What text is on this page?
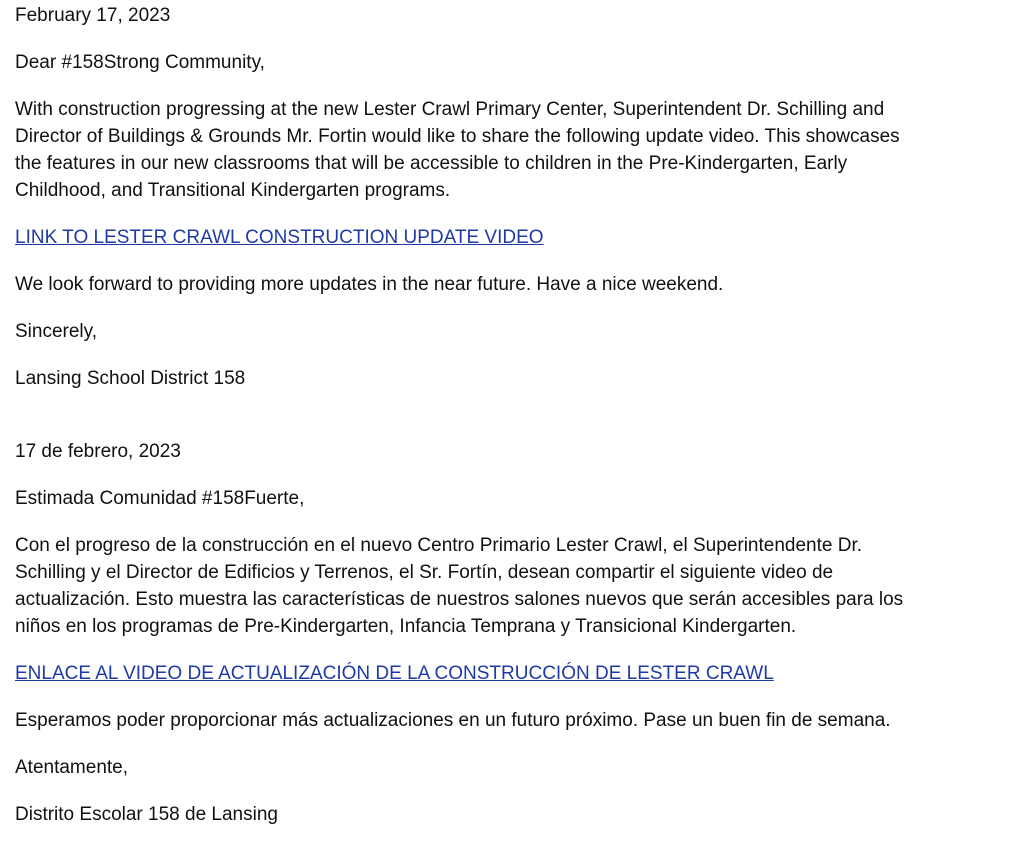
February 17, 2023
Dear #158Strong Community,
With construction progressing at the new Lester Crawl Primary Center, Superintendent Dr. Schilling and
Director of Buildings & Grounds Mr. Fortin would like to share the following update video. This showcases
the features in our new classrooms that will be accessible to children in the Pre-Kindergarten, Early
Childhood, and Transitional Kindergarten programs.
LINK TO LESTER CRAWL CONSTRUCTION UPDATE VIDEO
We look forward to providing more updates in the near future. Have a nice weekend.
Sincerely,
Lansing School District 158
17 de febrero, 2023
Estimada Comunidad #158Fuerte,
Con el progreso de la construcción en el nuevo Centro Primario Lester Crawl, el Superintendente Dr.
Schilling y el Director de Edificios y Terrenos, el Sr. Fortín, desean compartir el siguiente video de
actualización. Esto muestra las características de nuestros salones nuevos que serán accesibles para los
niños en los programas de Pre-Kindergarten, Infancia Temprana y Transicional Kindergarten.
ENLACE AL VIDEO DE ACTUALIZACIÓN DE LA CONSTRUCCIÓN DE LESTER CRAWL
Esperamos poder proporcionar más actualizaciones en un futuro próximo. Pase un buen fin de semana.
Atentamente,
Distrito Escolar 158 de Lansing
